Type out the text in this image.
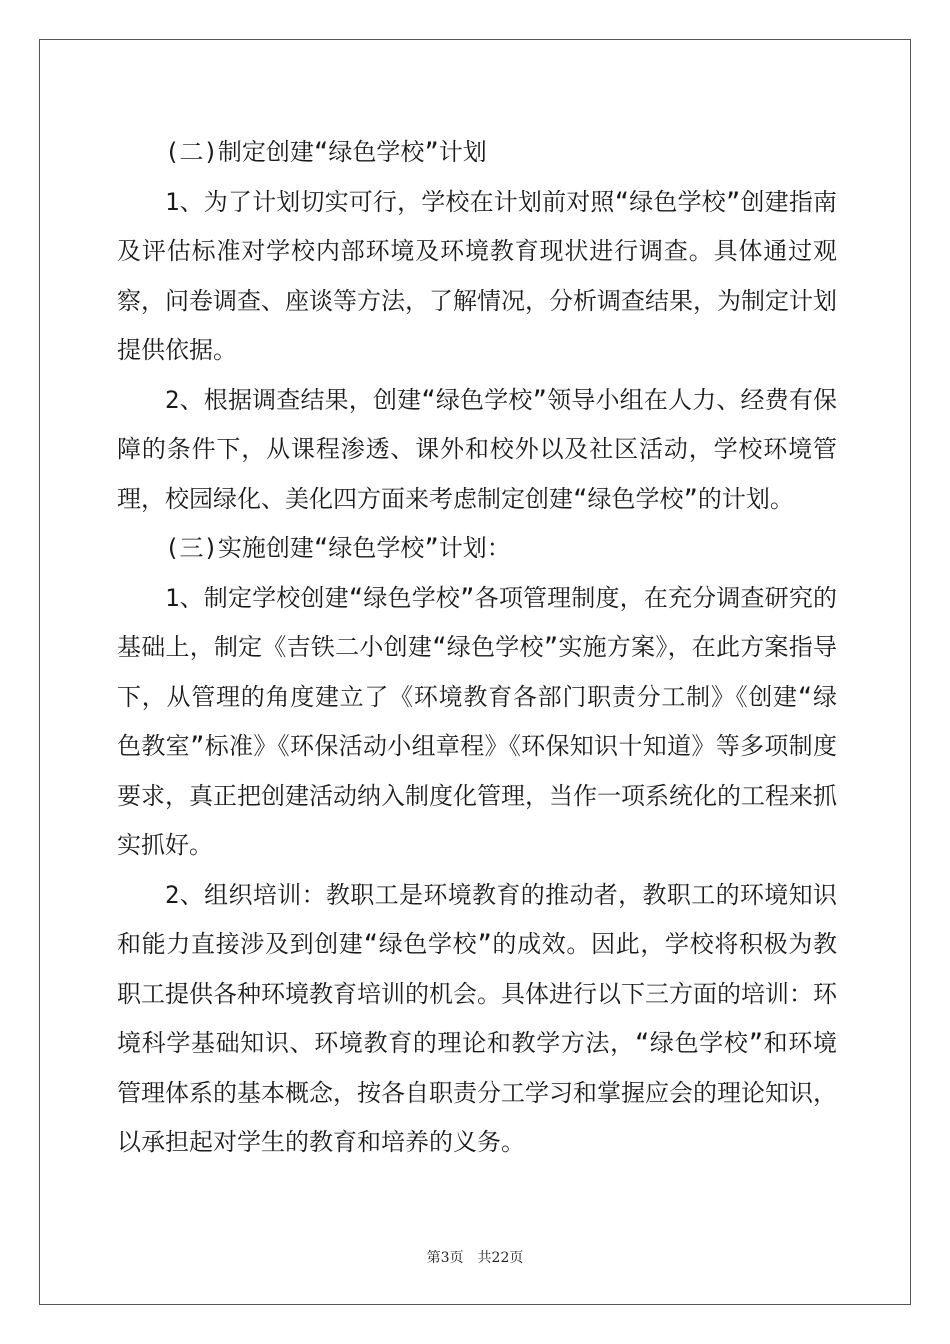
(二)制定创建“绿色学校”计划

1、为了计划切实可行，学校在计划前对照“绿色学校”创建指南及评估标准对学校内部环境及环境教育现状进行调查。具体通过观察，问卷调查、座谈等方法，了解情况，分析调查结果，为制定计划提供依据。

2、根据调查结果，创建“绿色学校”领导小组在人力、经费有保障的条件下，从课程渗透、课外和校外以及社区活动，学校环境管理，校园绿化、美化四方面来考虑制定创建“绿色学校”的计划。

(三)实施创建“绿色学校”计划：

1、制定学校创建“绿色学校”各项管理制度，在充分调查研究的基础上，制定《吉铁二小创建“绿色学校”实施方案》，在此方案指导下，从管理的角度建立了《环境教育各部门职责分工制》《创建“绿色教室”标准》《环保活动小组章程》《环保知识十知道》等多项制度要求，真正把创建活动纳入制度化管理，当作一项系统化的工程来抓实抓好。

2、组织培训：教职工是环境教育的推动者，教职工的环境知识和能力直接涉及到创建“绿色学校”的成效。因此，学校将积极为教职工提供各种环境教育培训的机会。具体进行以下三方面的培训：环境科学基础知识、环境教育的理论和教学方法，“绿色学校”和环境管理体系的基本概念，按各自职责分工学习和掌握应会的理论知识，以承担起对学生的教育和培养的义务。

第3页 共22页
